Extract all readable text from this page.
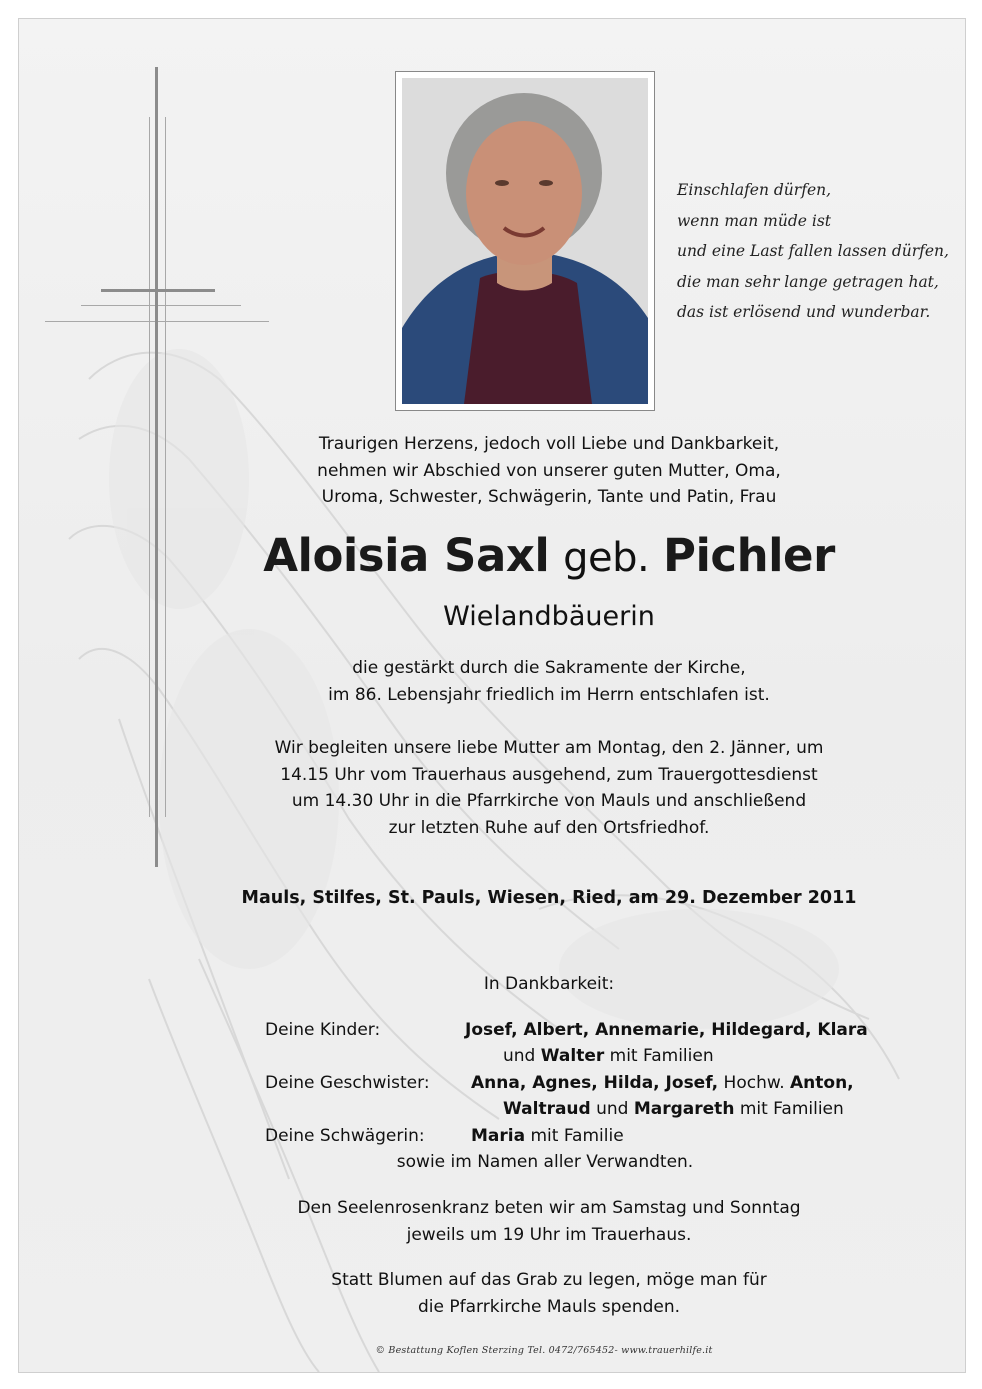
Einschlafen dürfen,
wenn man müde ist
und eine Last fallen lassen dürfen,
die man sehr lange getragen hat,
das ist erlösend und wunderbar.
Traurigen Herzens, jedoch voll Liebe und Dankbarkeit,
nehmen wir Abschied von unserer guten Mutter, Oma,
Uroma, Schwester, Schwägerin, Tante und Patin, Frau
Aloisia Saxl geb. Pichler
Wielandbäuerin
die gestärkt durch die Sakramente der Kirche,
im 86. Lebensjahr friedlich im Herrn entschlafen ist.
Wir begleiten unsere liebe Mutter am Montag, den 2. Jänner, um
14.15 Uhr vom Trauerhaus ausgehend, zum Trauergottesdienst
um 14.30 Uhr in die Pfarrkirche von Mauls und anschließend
zur letzten Ruhe auf den Ortsfriedhof.
Mauls, Stilfes, St. Pauls, Wiesen, Ried, am 29. Dezember 2011
In Dankbarkeit:
Deine Kinder:	Josef, Albert, Annemarie, Hildegard, Klara
und Walter mit Familien
Deine Geschwister: Anna, Agnes, Hilda, Josef, Hochw. Anton,
Waltraud und Margareth mit Familien
Deine Schwägerin:	Maria mit Familie
sowie im Namen aller Verwandten.
Den Seelenrosenkranz beten wir am Samstag und Sonntag
jeweils um 19 Uhr im Trauerhaus.
Statt Blumen auf das Grab zu legen, möge man für
die Pfarrkirche Mauls spenden.
© Bestattung Koflen Sterzing Tel. 0472/765452- www.trauerhilfe.it
